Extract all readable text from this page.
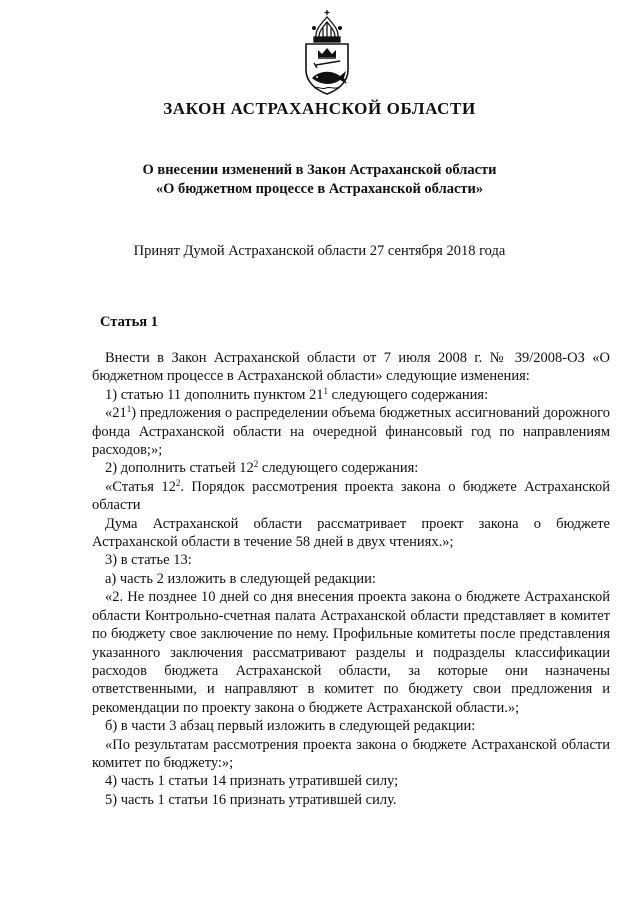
ЗАКОН АСТРАХАНСКОЙ ОБЛАСТИ
О внесении изменений в Закон Астраханской области
«О бюджетном процессе в Астраханской области»
Принят Думой Астраханской области 27 сентября 2018 года
Статья 1

Внести в Закон Астраханской области от 7 июля 2008 г. № 39/2008-ОЗ «О бюджетном процессе в Астраханской области» следующие изменения:

1) статью 11 дополнить пунктом $21^1$ следующего содержания:

«$21^1$) предложения о распределении объема бюджетных ассигнований дорожного фонда Астраханской области на очередной финансовый год по направлениям расходов;»;

2) дополнить статьей $12^2$ следующего содержания:

«Статья $12^2$. Порядок рассмотрения проекта закона о бюджете Астраханской области

Дума Астраханской области рассматривает проект закона о бюджете Астраханской области в течение 58 дней в двух чтениях.»;

3) в статье 13:

а) часть 2 изложить в следующей редакции:

«2. Не позднее 10 дней со дня внесения проекта закона о бюджете Астраханской области Контрольно-счетная палата Астраханской области представляет в комитет по бюджету свое заключение по нему. Профильные комитеты после представления указанного заключения рассматривают разделы и подразделы классификации расходов бюджета Астраханской области, за которые они назначены ответственными, и направляют в комитет по бюджету свои предложения и рекомендации по проекту закона о бюджете Астраханской области.»;

б) в части 3 абзац первый изложить в следующей редакции:

«По результатам рассмотрения проекта закона о бюджете Астраханской области комитет по бюджету:»;

4) часть 1 статьи 14 признать утратившей силу;

5) часть 1 статьи 16 признать утратившей силу.
